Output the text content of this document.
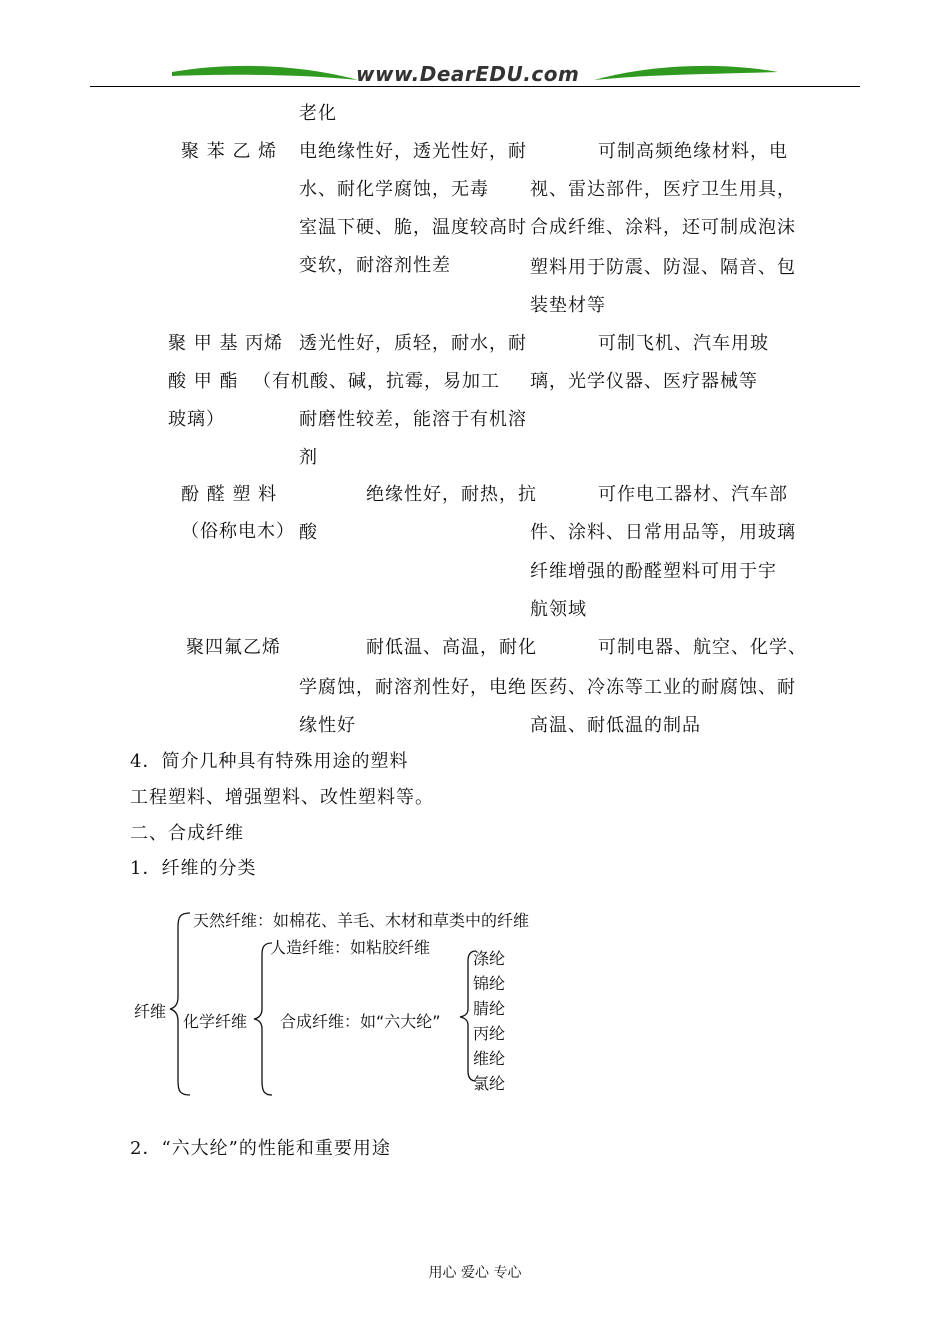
www.DearEDU.com
老化
聚 苯 乙 烯 电绝缘性好，透光性好，耐
水、耐化学腐蚀，无毒
室温下硬、脆，温度较高时
变软，耐溶剂性差
可制高频绝缘材料，电
视、雷达部件，医疗卫生用具，
合成纤维、涂料，还可制成泡沫
塑料用于防震、防湿、隔音、包
装垫材等
聚 甲 基 丙烯
酸 甲 酯
玻璃）
透光性好，质轻，耐水，耐
（有机酸、碱，抗霉，易加工
耐磨性较差，能溶于有机溶
剂
可制飞机、汽车用玻
璃，光学仪器、医疗器械等
酚 醛 塑 料
（俗称电木）
绝缘性好，耐热，抗
酸
可作电工器材、汽车部
件、涂料、日常用品等，用玻璃
纤维增强的酚醛塑料可用于宇
航领域
聚四氟乙烯	耐低温、高温，耐化
学腐蚀，耐溶剂性好，电绝
缘性好
可制电器、航空、化学、
医药、冷冻等工业的耐腐蚀、耐
高温、耐低温的制品
4．简介几种具有特殊用途的塑料
工程塑料、增强塑料、改性塑料等。
二、合成纤维
1．纤维的分类
纤维
天然纤维：如棉花、羊毛、木材和草类中的纤维
化学纤维
人造纤维：如粘胶纤维
合成纤维：如“六大纶”
涤纶
锦纶
腈纶
丙纶
维纶
氯纶
2．“六大纶”的性能和重要用途
用心 爱心 专心
